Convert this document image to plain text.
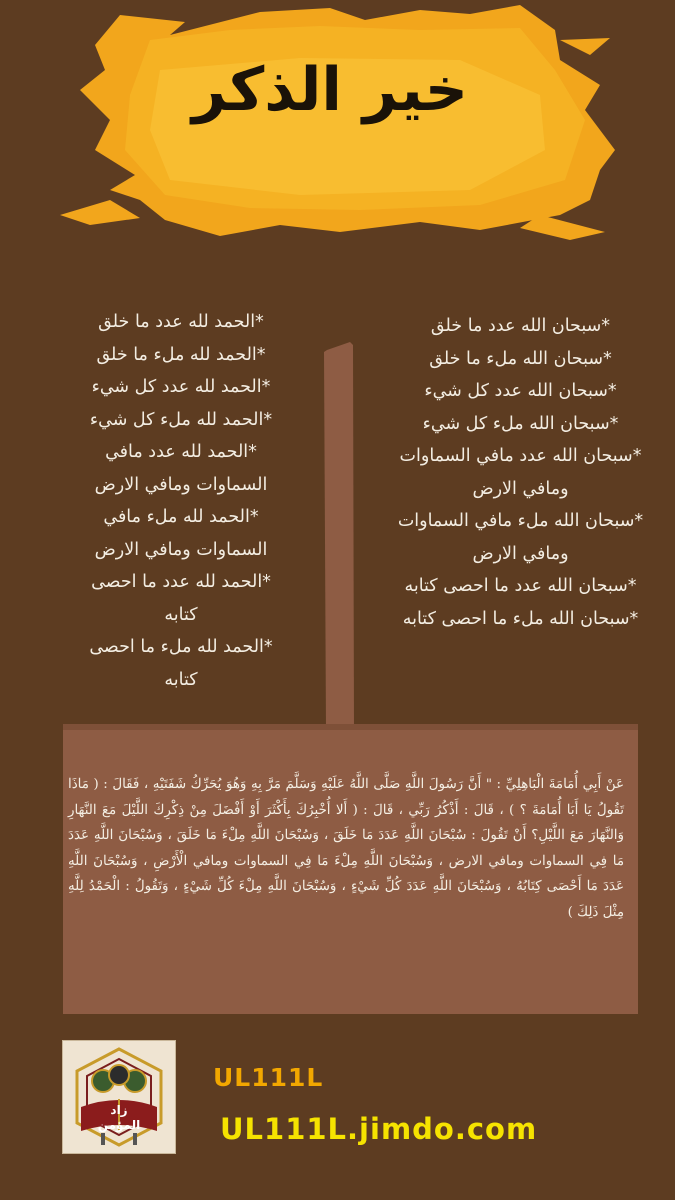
خير الذكر
*سبحان الله عدد ما خلق
*سبحان الله ملء ما خلق
*سبحان الله عدد كل شيء
*سبحان الله ملء كل شيء
*سبحان الله عدد مافي السماوات
ومافي الارض
*سبحان الله ملء مافي السماوات
ومافي الارض
*سبحان الله عدد ما احصى كتابه
*سبحان الله ملء ما احصى كتابه
*الحمد لله عدد ما خلق
*الحمد لله ملء ما خلق
*الحمد لله عدد كل شيء
*الحمد لله ملء كل شيء
*الحمد لله عدد مافي
السماوات ومافي الارض
*الحمد لله ملء مافي
السماوات ومافي الارض
*الحمد لله عدد ما احصى
كتابه
*الحمد لله ملء ما احصى
كتابه
عَنْ أَبِي أُمَامَةَ الْبَاهِلِيِّ : " أَنَّ رَسُولَ اللَّهِ صَلَّى اللَّهُ عَلَيْهِ وَسَلَّمَ مَرَّ بِهِ وَهُوَ يُحَرِّكُ شَفَتَيْهِ ، فَقَالَ : ( مَاذَا تَقُولُ يَا أَبَا أُمَامَةَ ؟ ) ، قَالَ : أَذْكُرُ رَبِّي ، قَالَ : ( أَلا أُخْبِرُكَ بِأَكْثَرَ أَوْ أَفْضَلَ مِنْ ذِكْرِكَ اللَّيْلَ مَعَ النَّهَارِ وَالنَّهَارَ مَعَ اللَّيْلِ؟ أَنْ تَقُولَ : سُبْحَانَ اللَّهِ عَدَدَ مَا خَلَقَ ، وَسُبْحَانَ اللَّهِ مِلْءَ مَا خَلَقَ ، وَسُبْحَانَ اللَّهِ عَدَدَ مَا فِي السماوات ومافي الارض ، وَسُبْحَانَ اللَّهِ مِلْءَ مَا فِي السماوات ومافي الْأَرْضِ ، وَسُبْحَانَ اللَّهِ عَدَدَ مَا أَحْصَى كِتَابُهُ ، وَسُبْحَانَ اللَّهِ عَدَدَ كُلِّ شَيْءٍ ، وَسُبْحَانَ اللَّهِ مِلْءَ كُلِّ شَيْءٍ ، وَتَقُولُ : الْحَمْدُ لِلَّهِ مِثْلَ ذَلِكَ )
زاد
المؤمن
UL111L
UL111L.jimdo.com
